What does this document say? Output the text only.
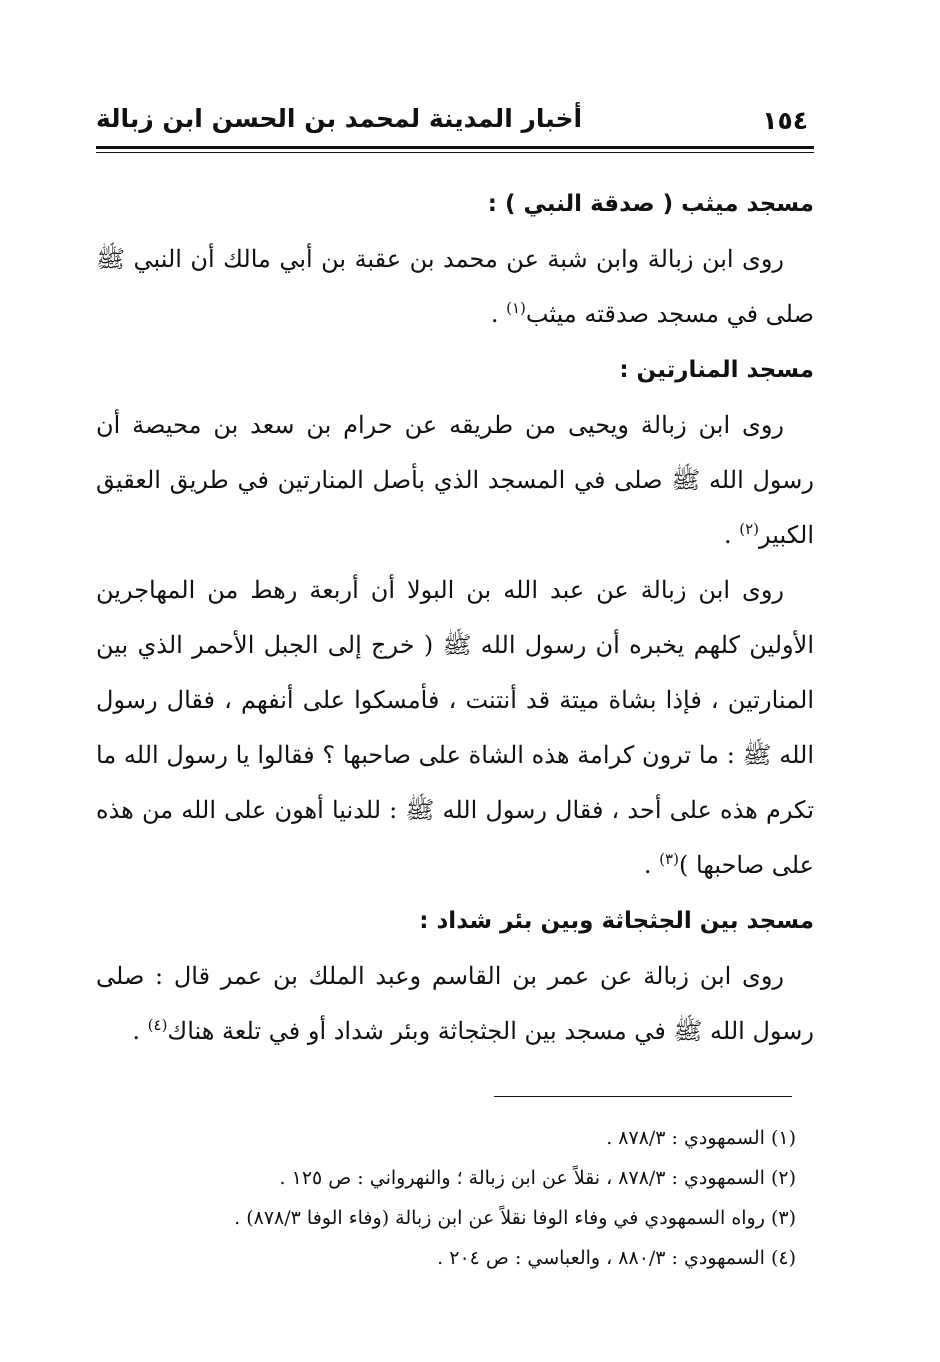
أخبار المدينة لمحمد بن الحسن ابن زبالة	١٥٤
مسجد ميثب ( صدقة النبي ) :

روى ابن زبالة وابن شبة عن محمد بن عقبة بن أبي مالك أن النبي ﷺ صلى في مسجد صدقته ميثب$^{(١)}$ .

مسجد المنارتين :

روى ابن زبالة ويحيى من طريقه عن حرام بن سعد بن محيصة أن رسول الله ﷺ صلى في المسجد الذي بأصل المنارتين في طريق العقيق الكبير$^{(٢)}$ .

روى ابن زبالة عن عبد الله بن البولا أن أربعة رهط من المهاجرين الأولين كلهم يخبره أن رسول الله ﷺ ( خرج إلى الجبل الأحمر الذي بين المنارتين ، فإذا بشاة ميتة قد أنتنت ، فأمسكوا على أنفهم ، فقال رسول الله ﷺ : ما ترون كرامة هذه الشاة على صاحبها ؟ فقالوا يا رسول الله ما تكرم هذه على أحد ، فقال رسول الله ﷺ : للدنيا أهون على الله من هذه على صاحبها )$^{(٣)}$ .

مسجد بين الجثجاثة وبين بئر شداد :

روى ابن زبالة عن عمر بن القاسم وعبد الملك بن عمر قال : صلى رسول الله ﷺ في مسجد بين الجثجاثة وبئر شداد أو في تلعة هناك$^{(٤)}$ .

(١) السمهودي : ٨٧٨/٣ .
(٢) السمهودي : ٨٧٨/٣ ، نقلاً عن ابن زبالة ؛ والنهرواني : ص ١٢٥ .
(٣) رواه السمهودي في وفاء الوفا نقلاً عن ابن زبالة (وفاء الوفا ٨٧٨/٣) .
(٤) السمهودي : ٨٨٠/٣ ، والعباسي : ص ٢٠٤ .
